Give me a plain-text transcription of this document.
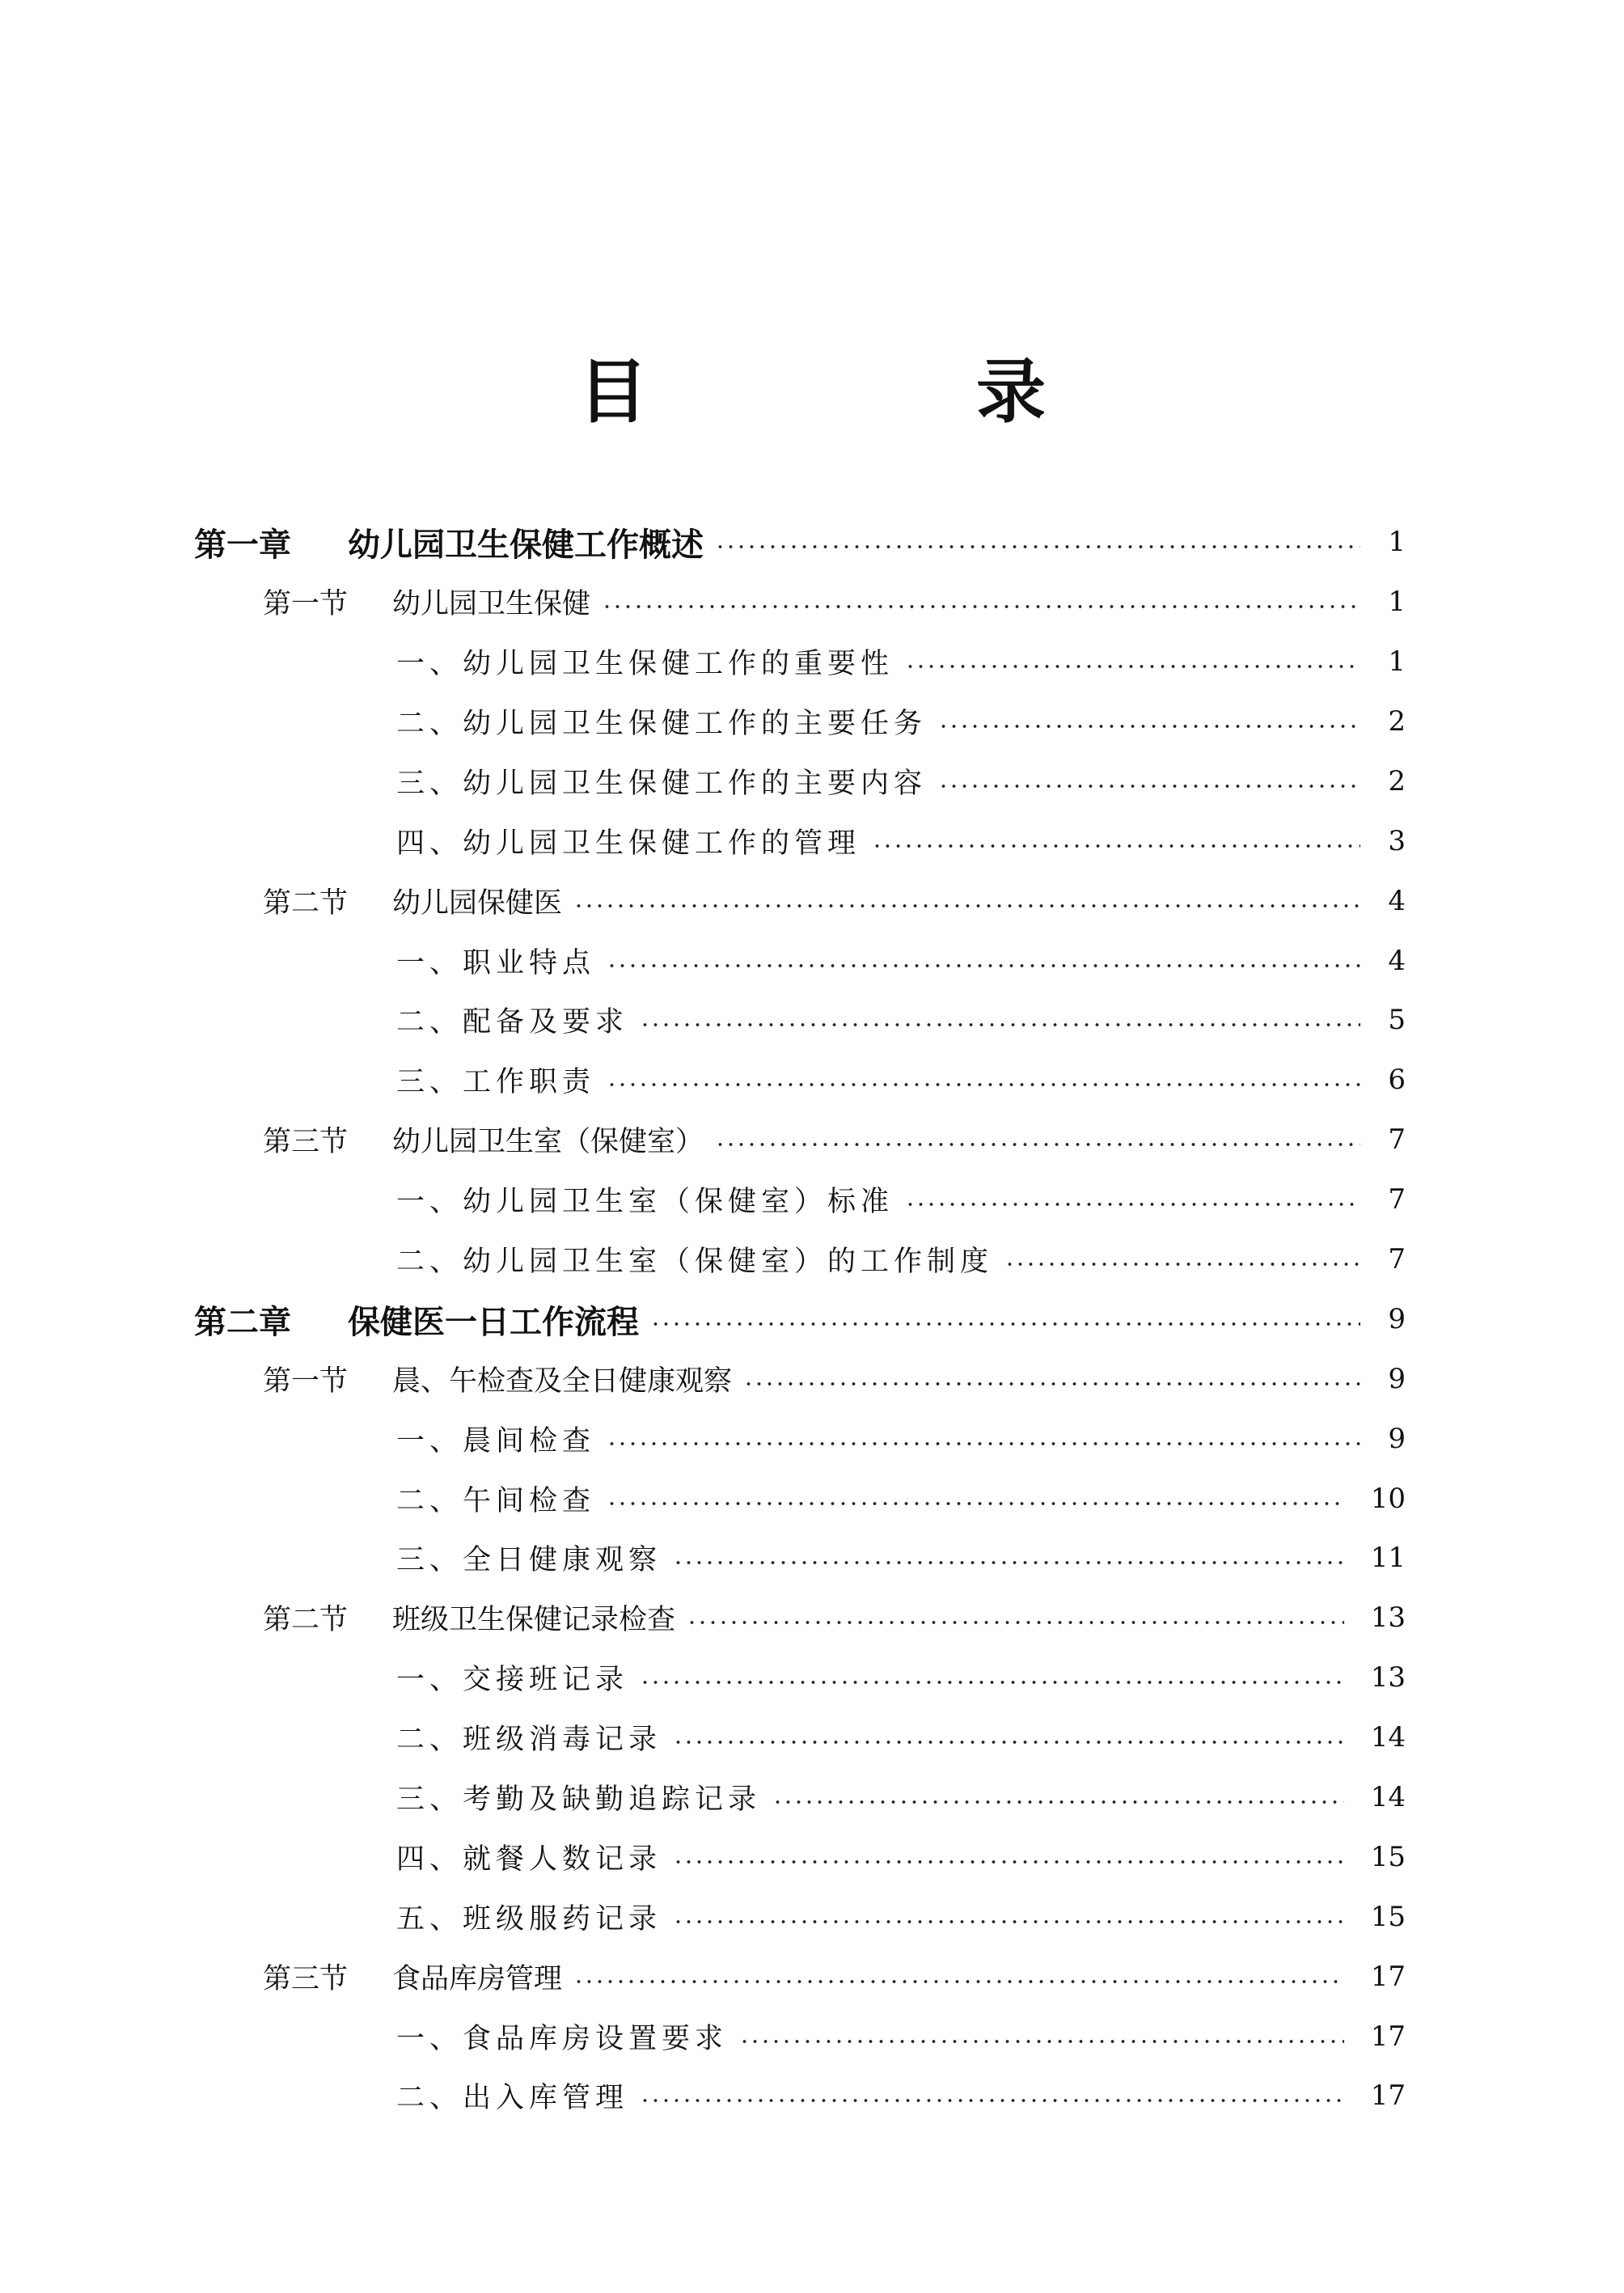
目　录
第一章 幼儿园卫生保健工作概述	1
第一节 幼儿园卫生保健	1
一、幼儿园卫生保健工作的重要性	1
二、幼儿园卫生保健工作的主要任务	2
三、幼儿园卫生保健工作的主要内容	2
四、幼儿园卫生保健工作的管理	3
第二节 幼儿园保健医	4
一、职业特点	4
二、配备及要求	5
三、工作职责	6
第三节 幼儿园卫生室（保健室）	7
一、幼儿园卫生室（保健室）标准	7
二、幼儿园卫生室（保健室）的工作制度	7
第二章 保健医一日工作流程	9
第一节 晨、午检查及全日健康观察	9
一、晨间检查	9
二、午间检查	10
三、全日健康观察	11
第二节 班级卫生保健记录检查	13
一、交接班记录	13
二、班级消毒记录	14
三、考勤及缺勤追踪记录	14
四、就餐人数记录	15
五、班级服药记录	15
第三节 食品库房管理	17
一、食品库房设置要求	17
二、出入库管理	17
